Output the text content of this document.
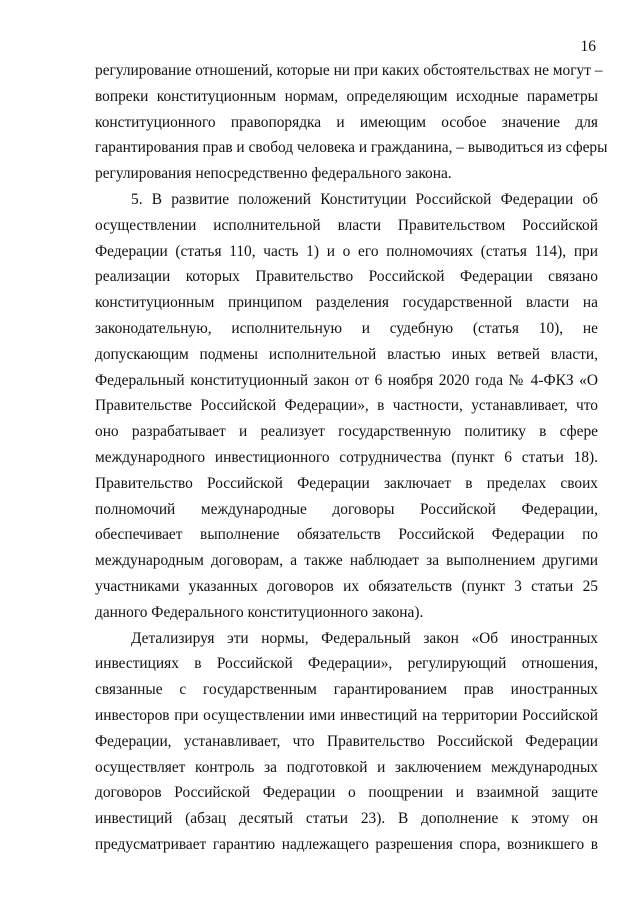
16
регулирование отношений, которые ни при каких обстоятельствах не могут –
вопреки конституционным нормам, определяющим исходные параметры
конституционного правопорядка и имеющим особое значение для
гарантирования прав и свобод человека и гражданина, – выводиться из сферы
регулирования непосредственно федерального закона.
5. В развитие положений Конституции Российской Федерации об
осуществлении исполнительной власти Правительством Российской
Федерации (статья 110, часть 1) и о его полномочиях (статья 114), при
реализации которых Правительство Российской Федерации связано
конституционным принципом разделения государственной власти на
законодательную, исполнительную и судебную (статья 10), не
допускающим подмены исполнительной властью иных ветвей власти,
Федеральный конституционный закон от 6 ноября 2020 года № 4-ФКЗ «О
Правительстве Российской Федерации», в частности, устанавливает, что
оно разрабатывает и реализует государственную политику в сфере
международного инвестиционного сотрудничества (пункт 6 статьи 18).
Правительство Российской Федерации заключает в пределах своих
полномочий международные договоры Российской Федерации,
обеспечивает выполнение обязательств Российской Федерации по
международным договорам, а также наблюдает за выполнением другими
участниками указанных договоров их обязательств (пункт 3 статьи 25
данного Федерального конституционного закона).
Детализируя эти нормы, Федеральный закон «Об иностранных
инвестициях в Российской Федерации», регулирующий отношения,
связанные с государственным гарантированием прав иностранных
инвесторов при осуществлении ими инвестиций на территории Российской
Федерации, устанавливает, что Правительство Российской Федерации
осуществляет контроль за подготовкой и заключением международных
договоров Российской Федерации о поощрении и взаимной защите
инвестиций (абзац десятый статьи 23). В дополнение к этому он
предусматривает гарантию надлежащего разрешения спора, возникшего в
